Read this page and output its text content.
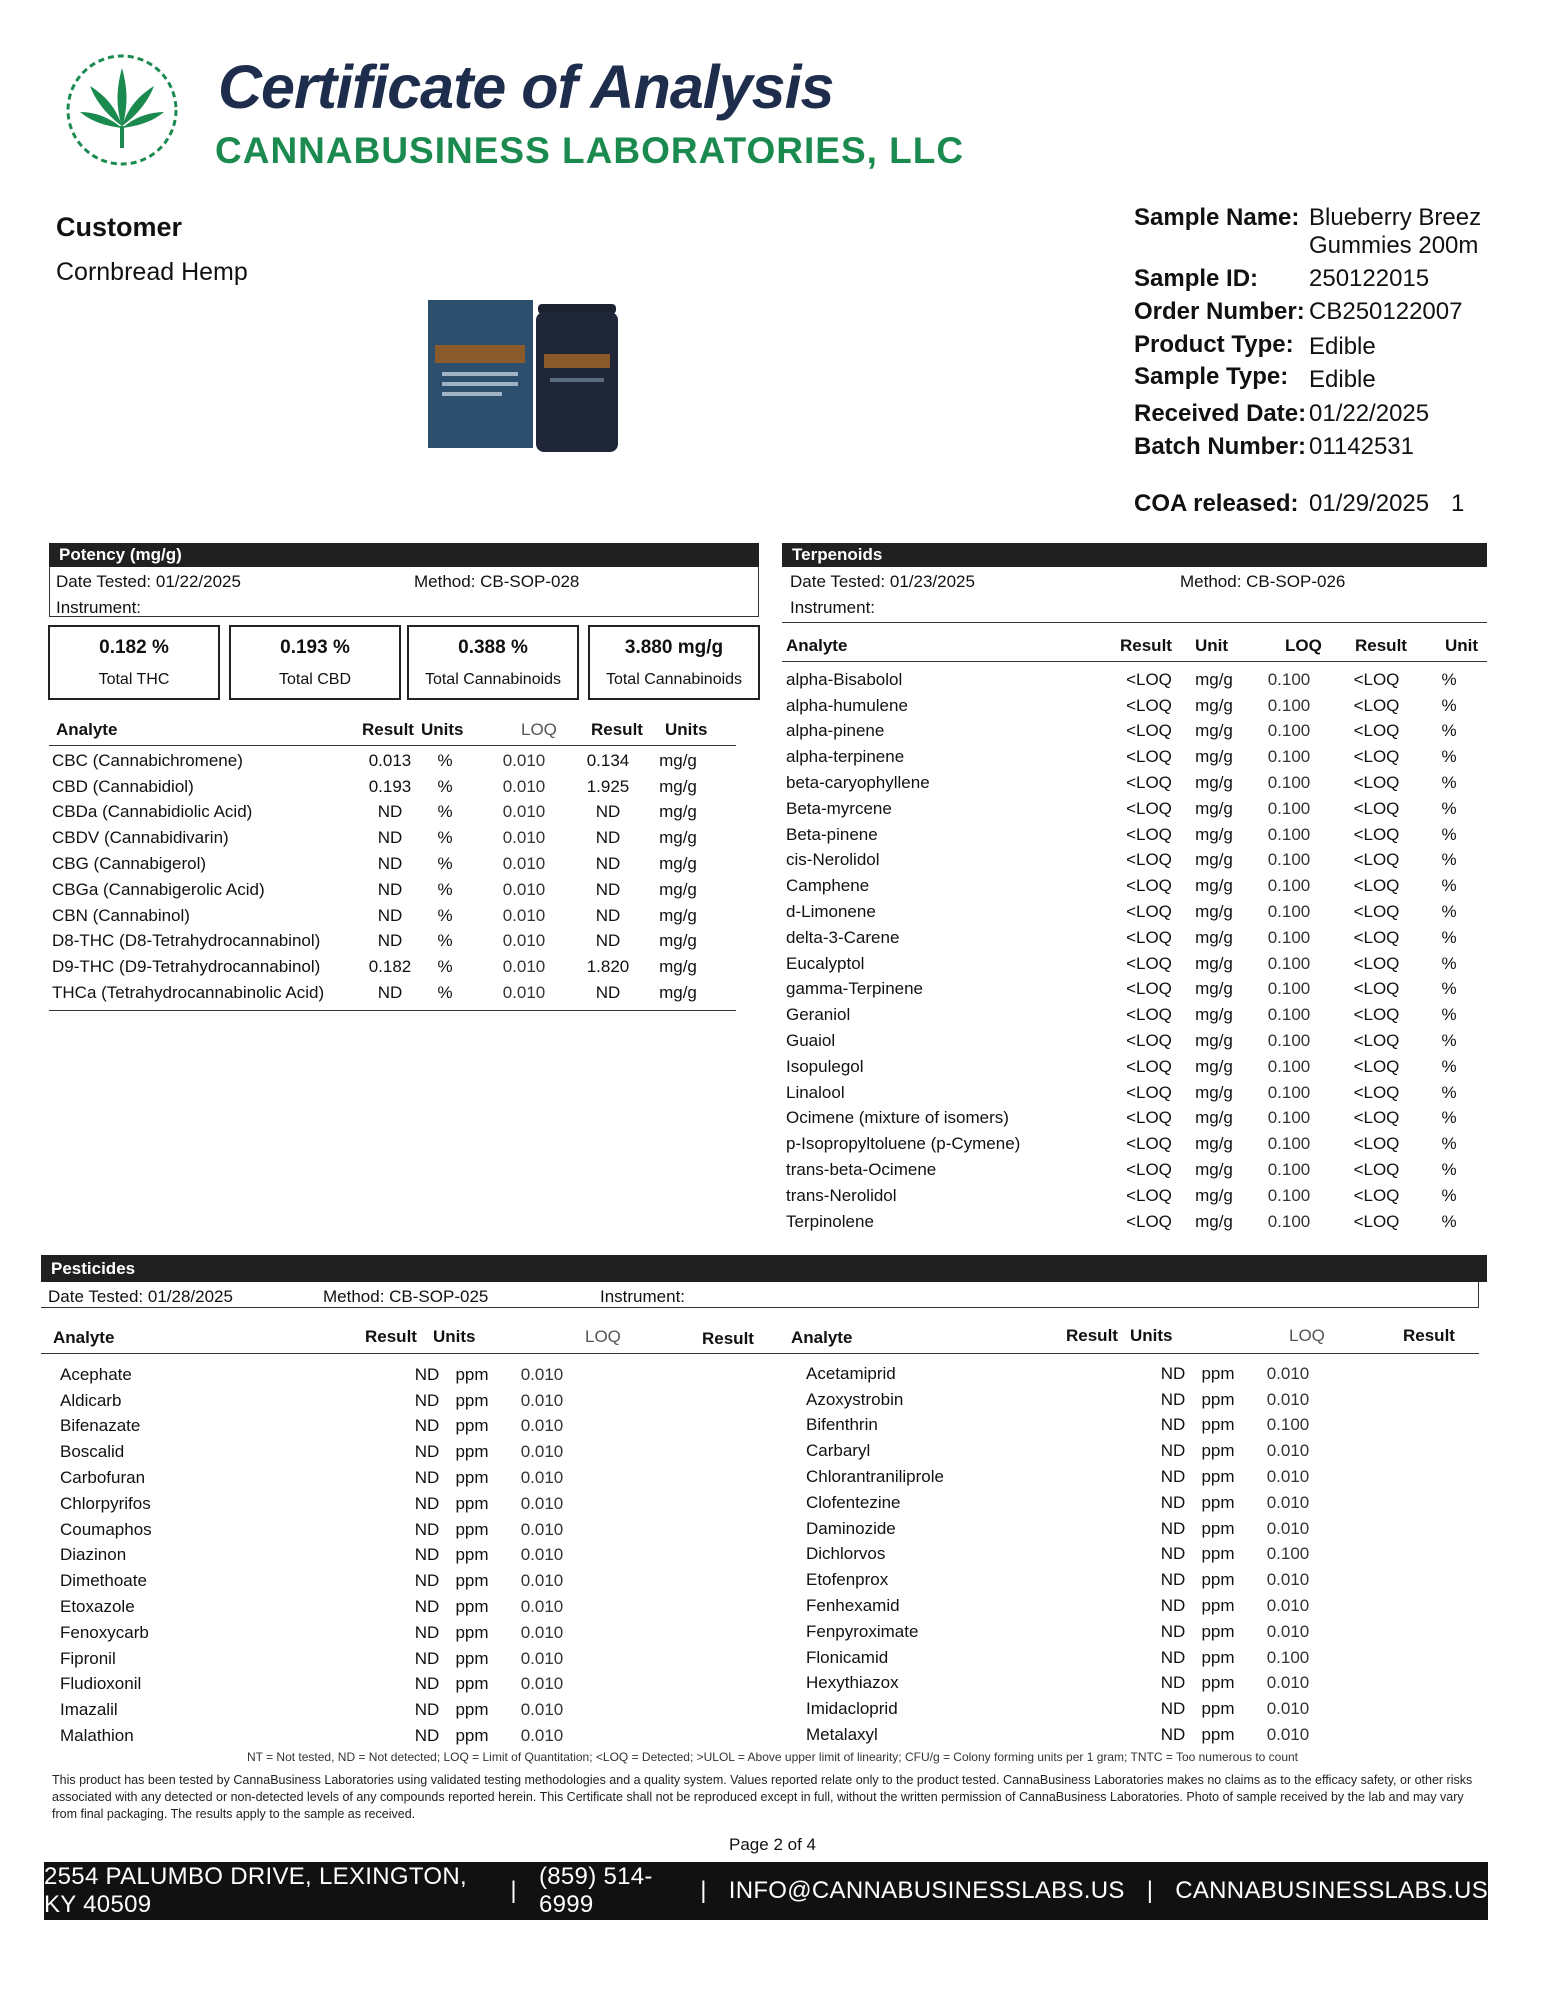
Certificate of Analysis
CANNABUSINESS LABORATORIES, LLC
Customer
Cornbread Hemp
Sample Name: Blueberry Breez
Gummies 200m
Sample ID: 250122015
Order Number: CB250122007
Product Type: Edible
Sample Type: Edible
Received Date: 01/22/2025
Batch Number: 01142531
COA released: 01/29/2025 1
Potency (mg/g)
Date Tested: 01/22/2025	Method: CB-SOP-028
Instrument:
0.182 %
Total THC
0.193 %
Total CBD
0.388 %
Total Cannabinoids
3.880 mg/g
Total Cannabinoids
Analyte	Result Units	LOQ Result Units
CBC (Cannabichromene)	0.013	%	0.010	0.134	mg/g
CBD (Cannabidiol)	0.193	%	0.010	1.925	mg/g
CBDa (Cannabidiolic Acid)	ND	%	0.010	ND	mg/g
CBDV (Cannabidivarin)	ND	%	0.010	ND	mg/g
CBG (Cannabigerol)	ND	%	0.010	ND	mg/g
CBGa (Cannabigerolic Acid)	ND	%	0.010	ND	mg/g
CBN (Cannabinol)	ND	%	0.010	ND	mg/g
D8-THC (D8-Tetrahydrocannabinol)	ND	%	0.010	ND	mg/g
D9-THC (D9-Tetrahydrocannabinol)	0.182	%	0.010	1.820	mg/g
THCa (Tetrahydrocannabinolic Acid)	ND	%	0.010	ND	mg/g
Terpenoids
Date Tested: 01/23/2025	Method: CB-SOP-026
Instrument:
Analyte	Result Unit	LOQ Result Unit
alpha-Bisabolol	<LOQ	mg/g	0.100	<LOQ	%
alpha-humulene	<LOQ	mg/g	0.100	<LOQ	%
alpha-pinene	<LOQ	mg/g	0.100	<LOQ	%
alpha-terpinene	<LOQ	mg/g	0.100	<LOQ	%
beta-caryophyllene	<LOQ	mg/g	0.100	<LOQ	%
Beta-myrcene	<LOQ	mg/g	0.100	<LOQ	%
Beta-pinene	<LOQ	mg/g	0.100	<LOQ	%
cis-Nerolidol	<LOQ	mg/g	0.100	<LOQ	%
Camphene	<LOQ	mg/g	0.100	<LOQ	%
d-Limonene	<LOQ	mg/g	0.100	<LOQ	%
delta-3-Carene	<LOQ	mg/g	0.100	<LOQ	%
Eucalyptol	<LOQ	mg/g	0.100	<LOQ	%
gamma-Terpinene	<LOQ	mg/g	0.100	<LOQ	%
Geraniol	<LOQ	mg/g	0.100	<LOQ	%
Guaiol	<LOQ	mg/g	0.100	<LOQ	%
Isopulegol	<LOQ	mg/g	0.100	<LOQ	%
Linalool	<LOQ	mg/g	0.100	<LOQ	%
Ocimene (mixture of isomers)	<LOQ	mg/g	0.100	<LOQ	%
p-Isopropyltoluene (p-Cymene)	<LOQ	mg/g	0.100	<LOQ	%
trans-beta-Ocimene	<LOQ	mg/g	0.100	<LOQ	%
trans-Nerolidol	<LOQ	mg/g	0.100	<LOQ	%
Terpinolene	<LOQ	mg/g	0.100	<LOQ	%
Pesticides
Date Tested: 01/28/2025	Method: CB-SOP-025	Instrument:
Analyte	Result Units	LOQ	Result Analyte	Result Units	LOQ	Result
Acephate	ND	ppm	0.010
Aldicarb	ND	ppm	0.010
Bifenazate	ND	ppm	0.010
Boscalid	ND	ppm	0.010
Carbofuran	ND	ppm	0.010
Chlorpyrifos	ND	ppm	0.010
Coumaphos	ND	ppm	0.010
Diazinon	ND	ppm	0.010
Dimethoate	ND	ppm	0.010
Etoxazole	ND	ppm	0.010
Fenoxycarb	ND	ppm	0.010
Fipronil	ND	ppm	0.010
Fludioxonil	ND	ppm	0.010
Imazalil	ND	ppm	0.010
Malathion	ND	ppm	0.010
Acetamiprid	ND	ppm	0.010
Azoxystrobin	ND	ppm	0.010
Bifenthrin	ND	ppm	0.100
Carbaryl	ND	ppm	0.010
Chlorantraniliprole	ND	ppm	0.010
Clofentezine	ND	ppm	0.010
Daminozide	ND	ppm	0.010
Dichlorvos	ND	ppm	0.100
Etofenprox	ND	ppm	0.010
Fenhexamid	ND	ppm	0.010
Fenpyroximate	ND	ppm	0.010
Flonicamid	ND	ppm	0.100
Hexythiazox	ND	ppm	0.010
Imidacloprid	ND	ppm	0.010
Metalaxyl	ND	ppm	0.010
NT = Not tested, ND = Not detected; LOQ = Limit of Quantitation; <LOQ = Detected; >ULOL = Above upper limit of linearity; CFU/g = Colony forming units per 1 gram; TNTC = Too numerous to count
This product has been tested by CannaBusiness Laboratories using validated testing methodologies and a quality system. Values reported relate only to the product tested. CannaBusiness Laboratories makes no claims as to the efficacy safety, or other risks associated with any detected or non-detected levels of any compounds reported herein. This Certificate shall not be reproduced except in full, without the written permission of CannaBusiness Laboratories. Photo of sample received by the lab and may vary from final packaging. The results apply to the sample as received.
Page 2 of 4
2554 PALUMBO DRIVE, LEXINGTON, KY 40509
|
(859) 514-6999
| INFO@CANNABUSINESSLABS.US | CANNABUSINESSLABS.US
